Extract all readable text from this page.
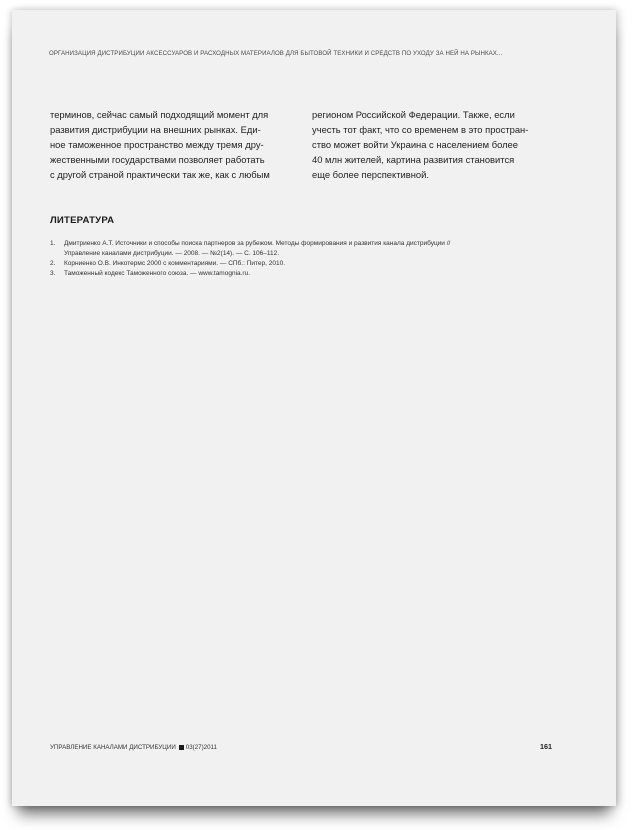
ОРГАНИЗАЦИЯ ДИСТРИБУЦИИ АКСЕССУАРОВ И РАСХОДНЫХ МАТЕРИАЛОВ ДЛЯ БЫТОВОЙ ТЕХНИКИ И СРЕДСТВ ПО УХОДУ ЗА НЕЙ НА РЫНКАХ...
терминов, сейчас самый подходящий момент для
развития дистрибуции на внешних рынках. Еди-
ное таможенное пространство между тремя дру-
жественными государствами позволяет работать
с другой страной практически так же, как с любым
регионом Российской Федерации. Также, если
учесть тот факт, что со временем в это простран-
ство может войти Украина с населением более
40 млн жителей, картина развития становится
еще более перспективной.
ЛИТЕРАТУРА
1. Дмитриенко А.Т. Источники и способы поиска партнеров за рубежом. Методы формирования и развития канала дистрибуции //
Управление каналами дистрибуции. — 2008. — №2(14). — С. 106–112.
2. Корниенко О.В. Инкотермс 2000 с комментариями. — СПб.: Питер, 2010.
3. Таможенный кодекс Таможенного союза. — www.tamognia.ru.
УПРАВЛЕНИЕ КАНАЛАМИ ДИСТРИБУЦИИ 03(27)2011	161
